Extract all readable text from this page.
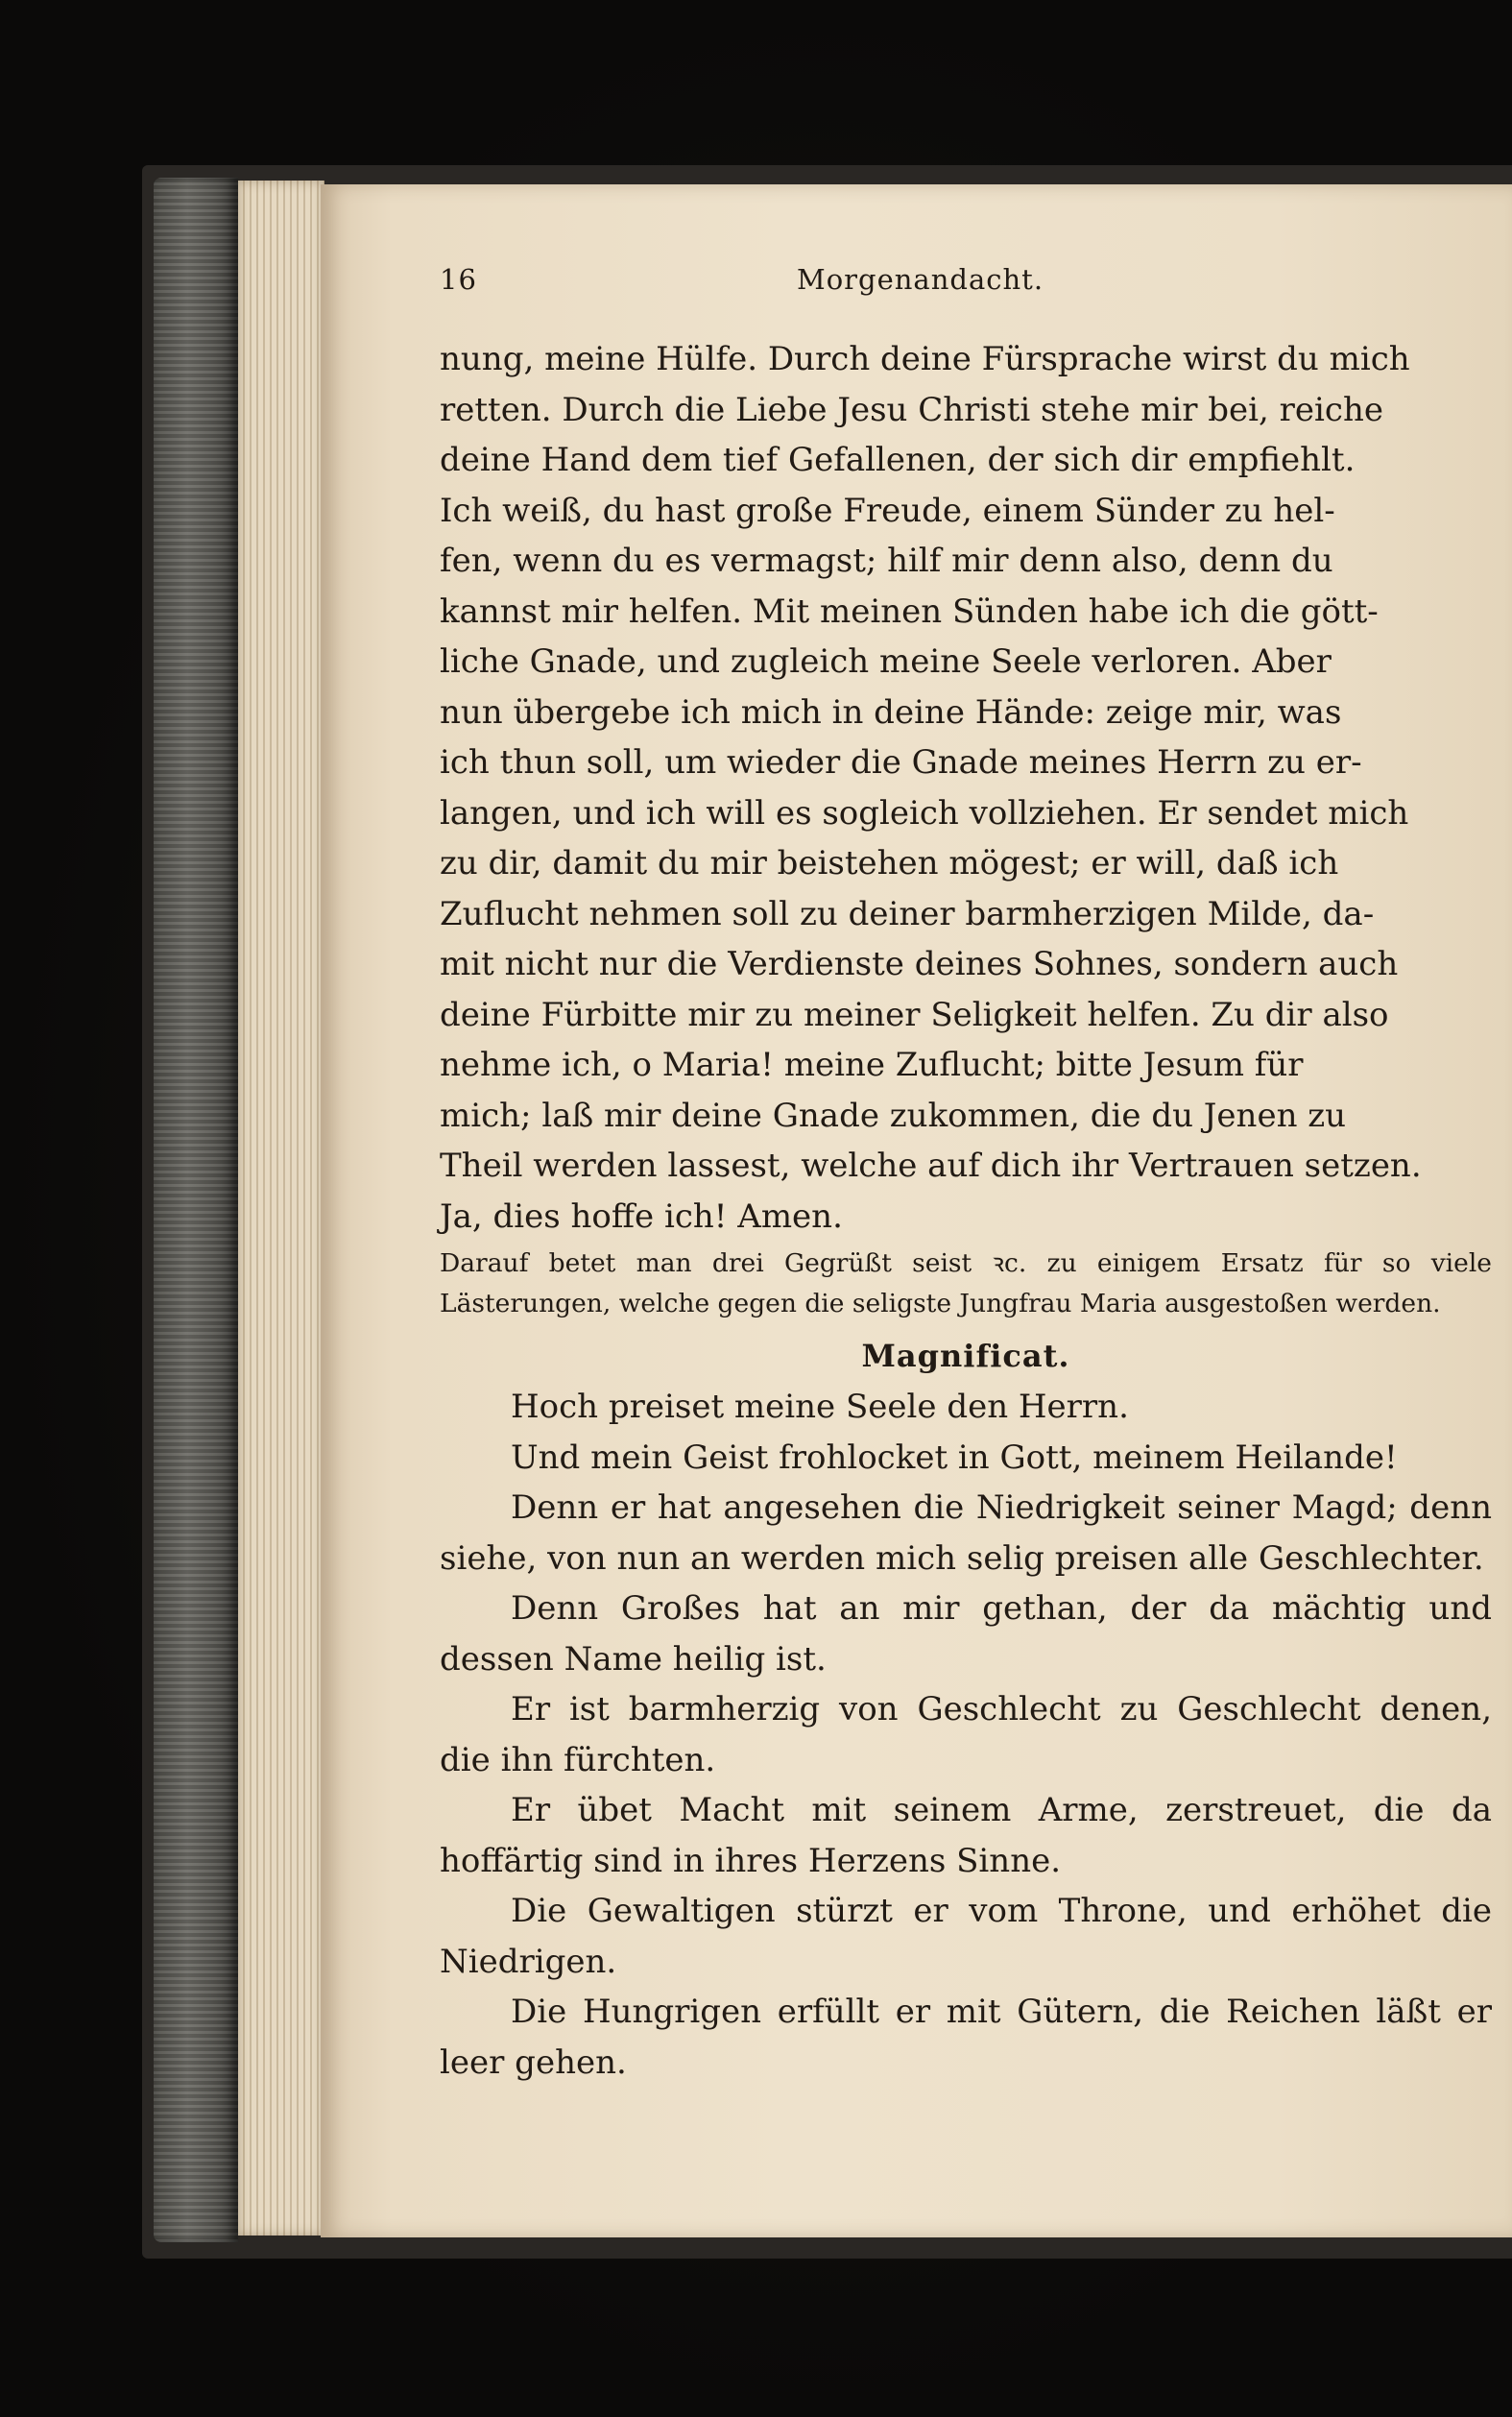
16	Morgenandacht.

nung, meine Hülfe. Durch deine Fürsprache wirst du mich

retten. Durch die Liebe Jesu Christi stehe mir bei, reiche

deine Hand dem tief Gefallenen, der sich dir empfiehlt.

Ich weiß, du hast große Freude, einem Sünder zu hel-

fen, wenn du es vermagst; hilf mir denn also, denn du

kannst mir helfen. Mit meinen Sünden habe ich die gött-

liche Gnade, und zugleich meine Seele verloren. Aber

nun übergebe ich mich in deine Hände: zeige mir, was

ich thun soll, um wieder die Gnade meines Herrn zu er-

langen, und ich will es sogleich vollziehen. Er sendet mich

zu dir, damit du mir beistehen mögest; er will, daß ich

Zuflucht nehmen soll zu deiner barmherzigen Milde, da-

mit nicht nur die Verdienste deines Sohnes, sondern auch

deine Fürbitte mir zu meiner Seligkeit helfen. Zu dir also

nehme ich, o Maria! meine Zuflucht; bitte Jesum für

mich; laß mir deine Gnade zukommen, die du Jenen zu

Theil werden lassest, welche auf dich ihr Vertrauen setzen.

Ja, dies hoffe ich! Amen.

Darauf betet man drei Gegrüßt seist ꝛc. zu einigem Ersatz für so viele Lästerungen, welche gegen die seligste Jungfrau Maria ausgestoßen werden.

Magnificat.
Hoch preiset meine Seele den Herrn.
Und mein Geist frohlocket in Gott, meinem Heilande!
Denn er hat angesehen die Niedrigkeit seiner Magd; denn siehe, von nun an werden mich selig preisen alle Geschlechter.
Denn Großes hat an mir gethan, der da mächtig und dessen Name heilig ist.
Er ist barmherzig von Geschlecht zu Geschlecht denen, die ihn fürchten.
Er übet Macht mit seinem Arme, zerstreuet, die da hoffärtig sind in ihres Herzens Sinne.
Die Gewaltigen stürzt er vom Throne, und erhöhet die Niedrigen.
Die Hungrigen erfüllt er mit Gütern, die Reichen läßt er leer gehen.
